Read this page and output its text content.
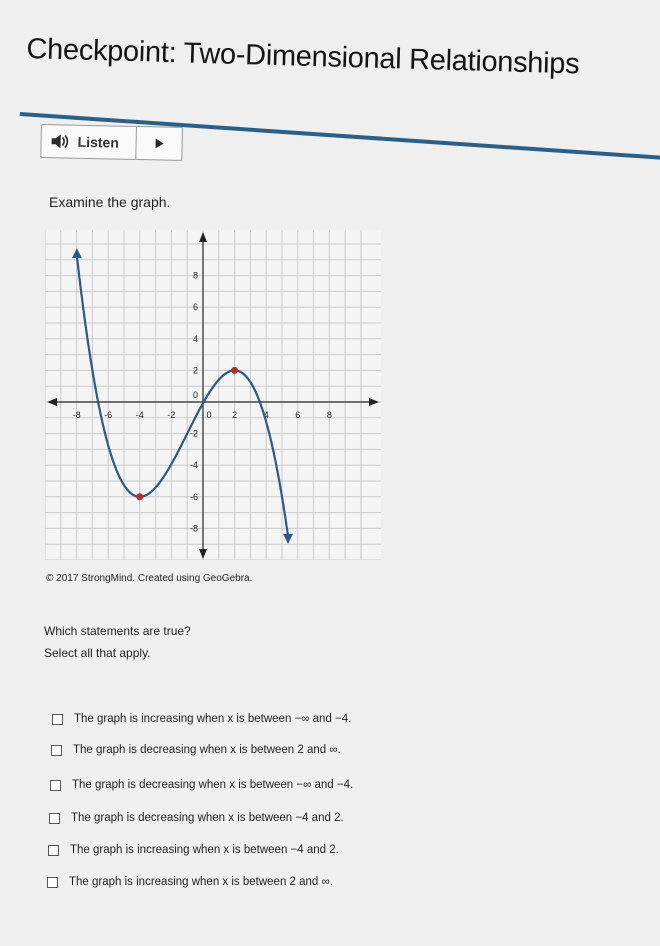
Checkpoint: Two-Dimensional Relationships
Listen
Examine the graph.
-8	-6	-4	-2	0 2	4	6	8
8
6
4
2
-2
-4
-6
-8
0
© 2017 StrongMind. Created using GeoGebra.
Which statements are true?
Select all that apply.
The graph is increasing when x is between −∞ and −4.
The graph is decreasing when x is between 2 and ∞.
The graph is decreasing when x is between −∞ and −4.
The graph is decreasing when x is between −4 and 2.
The graph is increasing when x is between −4 and 2.
The graph is increasing when x is between 2 and ∞.
